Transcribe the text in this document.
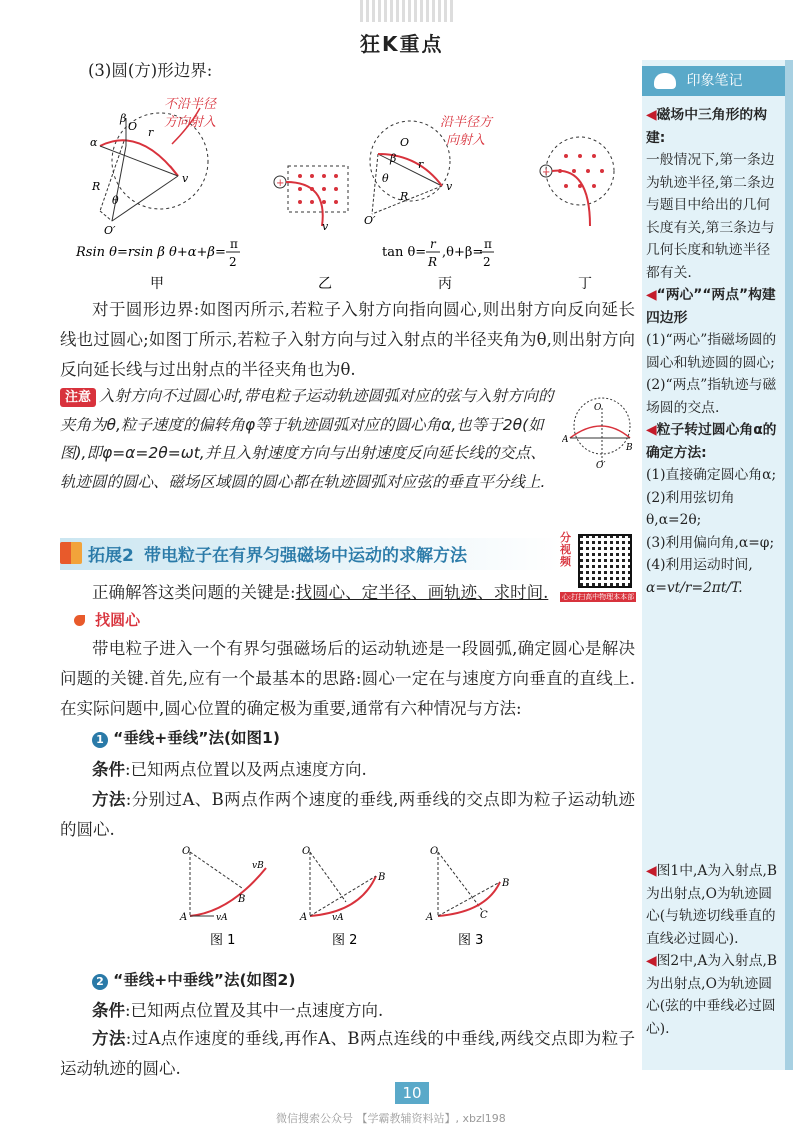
狂K重点
(3)圆(方)形边界:
β
O
α
r
R
θ
O′
v
不沿半径
方向射入
+
v
O
β r
R
θ
O′
v
沿半径方
向射入
+
Rsin θ=rsin β θ+α+β=
π
2
tan θ=
r
R
,θ+β=
π
2
甲	乙	丙	丁
对于圆形边界:如图丙所示,若粒子入射方向指向圆心,则出射方向反向延长线也过圆心;如图丁所示,若粒子入射方向与过入射点的半径夹角为θ,则出射方向反向延长线与过出射点的半径夹角也为θ.
注意 入射方向不过圆心时,带电粒子运动轨迹圆弧对应的弦与入射方向的夹角为θ,粒子速度的偏转角φ等于轨迹圆弧对应的圆心角α,也等于2θ(如图),即φ=α=2θ=ωt,并且入射速度方向与出射速度反向延长线的交点、轨迹圆的圆心、磁场区域圆的圆心都在轨迹圆弧对应弦的垂直平分线上.
O
A
B
O′
拓展2 带电粒子在有界匀强磁场中运动的求解方法
分视频
心:打扫高中物理本本部
正确解答这类问题的关键是:找圆心、定半径、画轨迹、求时间.
找圆心
带电粒子进入一个有界匀强磁场后的运动轨迹是一段圆弧,确定圆心是解决问题的关键.首先,应有一个最基本的思路:圆心一定在与速度方向垂直的直线上.在实际问题中,圆心位置的确定极为重要,通常有六种情况与方法:
1 “垂线+垂线”法(如图1)
条件:已知两点位置以及两点速度方向.
方法:分别过A、B两点作两个速度的垂线,两垂线的交点即为粒子运动轨迹的圆心.
O
A
B
vA
vB
O
A
B
vA
O
A
B
C
图 1	图 2	图 3
2 “垂线+中垂线”法(如图2)
条件:已知两点位置及其中一点速度方向.
方法:过A点作速度的垂线,再作A、B两点连线的中垂线,两线交点即为粒子运动轨迹的圆心.
印象笔记

◀磁场中三角形的构建:

一般情况下,第一条边为轨迹半径,第二条边与题目中给出的几何长度有关,第三条边与几何长度和轨迹半径都有关.

◀“两心”“两点”构建四边形

(1)“两心”指磁场圆的圆心和轨迹圆的圆心;

(2)“两点”指轨迹与磁场圆的交点.

◀粒子转过圆心角α的确定方法:

(1)直接确定圆心角α;

(2)利用弦切角θ,α=2θ;

(3)利用偏向角,α=φ;

(4)利用运动时间,

α=vt/r=2πt/T.

◀图1中,A为入射点,B为出射点,O为轨迹圆心(与轨迹切线垂直的直线必过圆心).

◀图2中,A为入射点,B为出射点,O为轨迹圆心(弦的中垂线必过圆心).

10
微信搜索公众号 【学霸教辅资料站】, xbzl198
